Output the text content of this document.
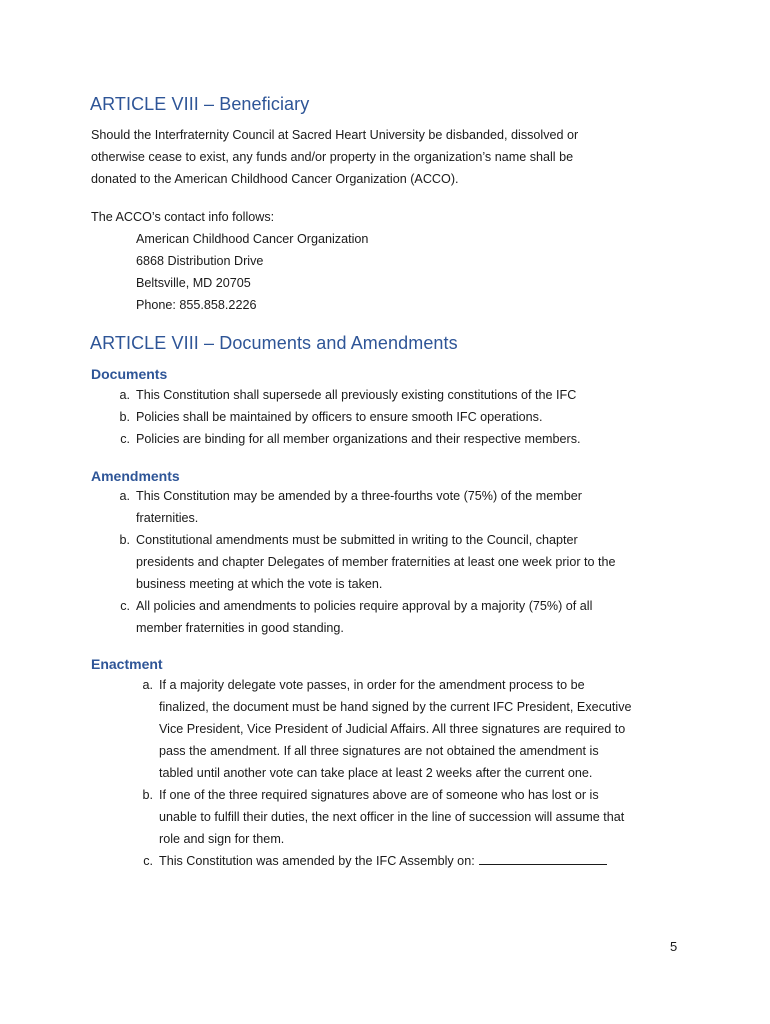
ARTICLE VIII – Beneficiary
Should the Interfraternity Council at Sacred Heart University be disbanded, dissolved or
otherwise cease to exist, any funds and/or property in the organization’s name shall be
donated to the American Childhood Cancer Organization (ACCO).
The ACCO’s contact info follows:
American Childhood Cancer Organization
6868 Distribution Drive
Beltsville, MD 20705
Phone: 855.858.2226
ARTICLE VIII – Documents and Amendments
Documents
a. This Constitution shall supersede all previously existing constitutions of the IFC
b. Policies shall be maintained by officers to ensure smooth IFC operations.
c. Policies are binding for all member organizations and their respective members.
Amendments
a. This Constitution may be amended by a three-fourths vote (75%) of the member
fraternities.
b. Constitutional amendments must be submitted in writing to the Council, chapter
presidents and chapter Delegates of member fraternities at least one week prior to the
business meeting at which the vote is taken.
c. All policies and amendments to policies require approval by a majority (75%) of all
member fraternities in good standing.
Enactment
a. If a majority delegate vote passes, in order for the amendment process to be
finalized, the document must be hand signed by the current IFC President, Executive
Vice President, Vice President of Judicial Affairs. All three signatures are required to
pass the amendment. If all three signatures are not obtained the amendment is
tabled until another vote can take place at least 2 weeks after the current one.
b. If one of the three required signatures above are of someone who has lost or is
unable to fulfill their duties, the next officer in the line of succession will assume that
role and sign for them.
c. This Constitution was amended by the IFC Assembly on:
5
